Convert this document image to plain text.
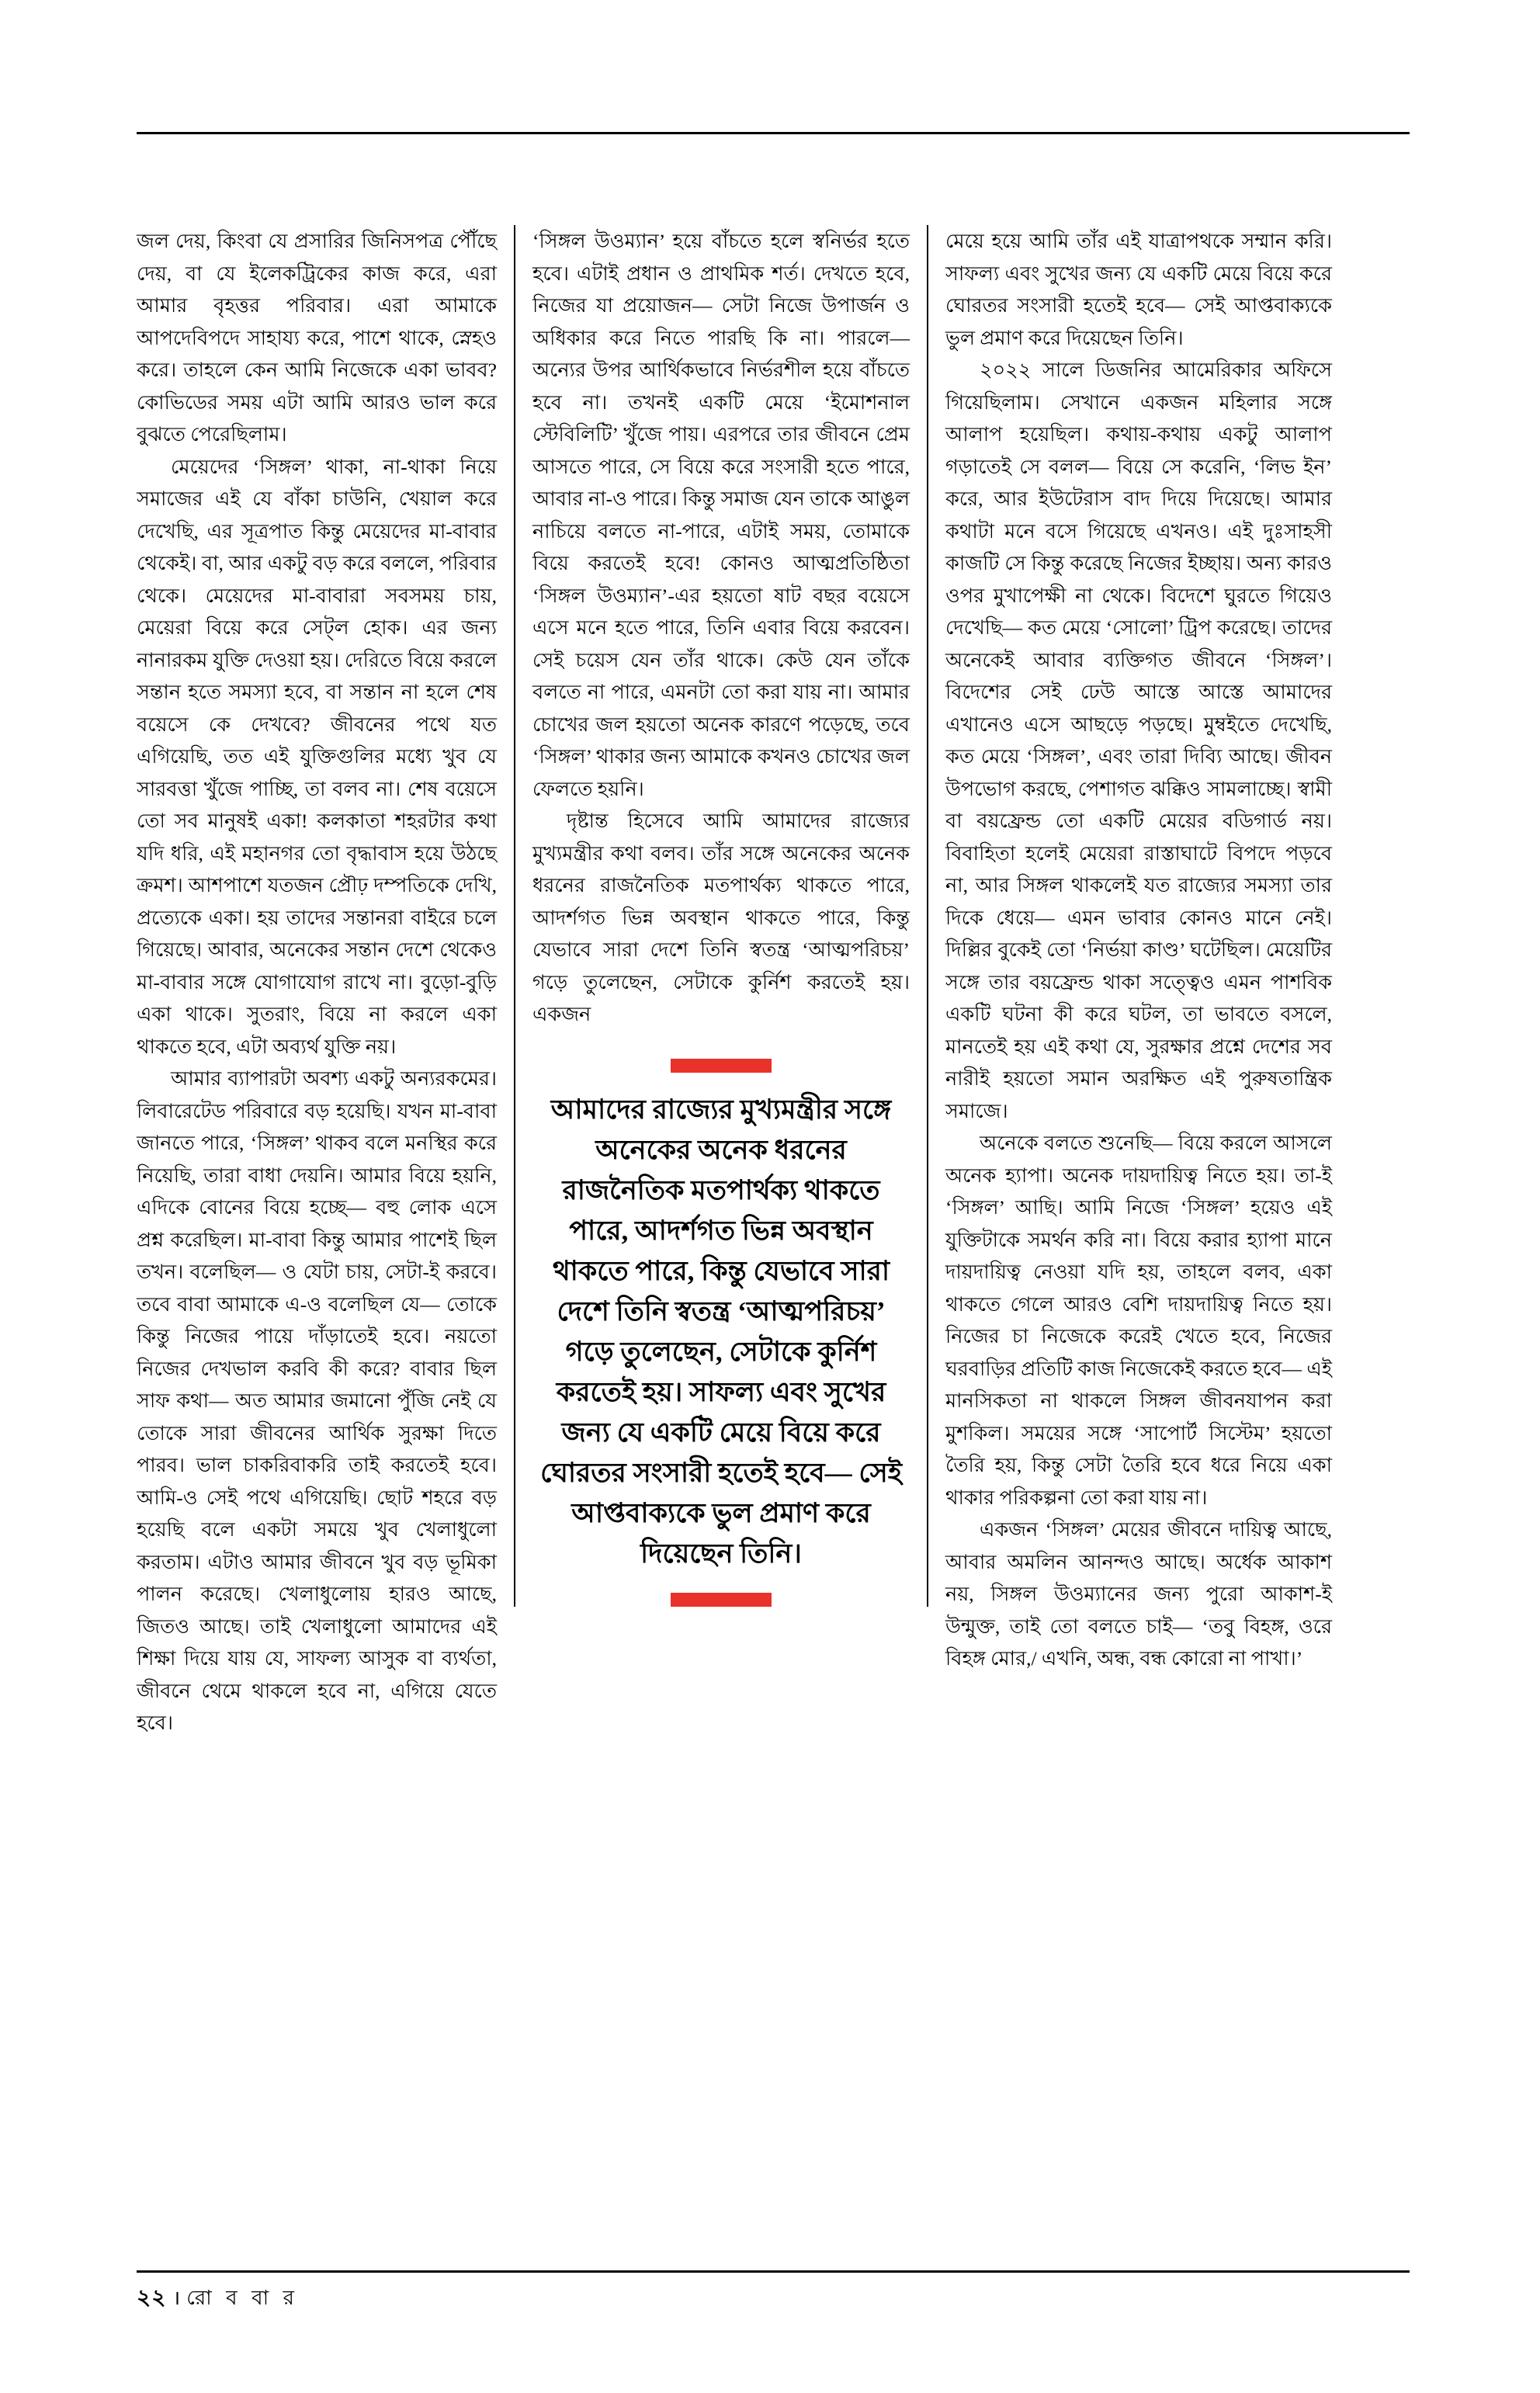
জল দেয়, কিংবা যে প্রসারির জিনিসপত্র পৌঁছে দেয়, বা যে ইলেকট্রিকের কাজ করে, এরা আমার বৃহত্তর পরিবার। এরা আমাকে আপদেবিপদে সাহায্য করে, পাশে থাকে, স্নেহও করে। তাহলে কেন আমি নিজেকে একা ভাবব? কোভিডের সময় এটা আমি আরও ভাল করে বুঝতে পেরেছিলাম।

মেয়েদের ‘সিঙ্গল’ থাকা, না-থাকা নিয়ে সমাজের এই যে বাঁকা চাউনি, খেয়াল করে দেখেছি, এর সূত্রপাত কিন্তু মেয়েদের মা-বাবার থেকেই। বা, আর একটু বড় করে বললে, পরিবার থেকে। মেয়েদের মা-বাবারা সবসময় চায়, মেয়েরা বিয়ে করে সেট্‌ল হোক। এর জন্য নানারকম যুক্তি দেওয়া হয়। দেরিতে বিয়ে করলে সন্তান হতে সমস্যা হবে, বা সন্তান না হলে শেষ বয়েসে কে দেখবে? জীবনের পথে যত এগিয়েছি, তত এই যুক্তিগুলির মধ্যে খুব যে সারবত্তা খুঁজে পাচ্ছি, তা বলব না। শেষ বয়েসে তো সব মানুষই একা! কলকাতা শহরটার কথা যদি ধরি, এই মহানগর তো বৃদ্ধাবাস হয়ে উঠছে ক্রমশ। আশপাশে যতজন প্রৌঢ় দম্পতিকে দেখি, প্রত্যেকে একা। হয় তাদের সন্তানরা বাইরে চলে গিয়েছে। আবার, অনেকের সন্তান দেশে থেকেও মা-বাবার সঙ্গে যোগাযোগ রাখে না। বুড়ো-বুড়ি একা থাকে। সুতরাং, বিয়ে না করলে একা থাকতে হবে, এটা অব্যর্থ যুক্তি নয়।

আমার ব্যাপারটা অবশ্য একটু অন্যরকমের। লিবারেটেড পরিবারে বড় হয়েছি। যখন মা-বাবা জানতে পারে, ‘সিঙ্গল’ থাকব বলে মনস্থির করে নিয়েছি, তারা বাধা দেয়নি। আমার বিয়ে হয়নি, এদিকে বোনের বিয়ে হচ্ছে— বহু লোক এসে প্রশ্ন করেছিল। মা-বাবা কিন্তু আমার পাশেই ছিল তখন। বলেছিল— ও যেটা চায়, সেটা-ই করবে। তবে বাবা আমাকে এ-ও বলেছিল যে— তোকে কিন্তু নিজের পায়ে দাঁড়াতেই হবে। নয়তো নিজের দেখভাল করবি কী করে? বাবার ছিল সাফ কথা— অত আমার জমানো পুঁজি নেই যে তোকে সারা জীবনের আর্থিক সুরক্ষা দিতে পারব। ভাল চাকরিবাকরি তাই করতেই হবে। আমি-ও সেই পথে এগিয়েছি। ছোট শহরে বড় হয়েছি বলে একটা সময়ে খুব খেলাধুলো করতাম। এটাও আমার জীবনে খুব বড় ভূমিকা পালন করেছে। খেলাধুলোয় হারও আছে, জিতও আছে। তাই খেলাধুলো আমাদের এই শিক্ষা দিয়ে যায় যে, সাফল্য আসুক বা ব্যর্থতা, জীবনে থেমে থাকলে হবে না, এগিয়ে যেতে হবে।

‘সিঙ্গল উওম্যান’ হয়ে বাঁচতে হলে স্বনির্ভর হতে হবে। এটাই প্রধান ও প্রাথমিক শর্ত। দেখতে হবে, নিজের যা প্রয়োজন— সেটা নিজে উপার্জন ও অধিকার করে নিতে পারছি কি না। পারলে— অন্যের উপর আর্থিকভাবে নির্ভরশীল হয়ে বাঁচতে হবে না। তখনই একটি মেয়ে ‘ইমোশনাল স্টেবিলিটি’ খুঁজে পায়। এরপরে তার জীবনে প্রেম আসতে পারে, সে বিয়ে করে সংসারী হতে পারে, আবার না-ও পারে। কিন্তু সমাজ যেন তাকে আঙুল নাচিয়ে বলতে না-পারে, এটাই সময়, তোমাকে বিয়ে করতেই হবে! কোনও আত্মপ্রতিষ্ঠিতা ‘সিঙ্গল উওম্যান’-এর হয়তো ষাট বছর বয়েসে এসে মনে হতে পারে, তিনি এবার বিয়ে করবেন। সেই চয়েস যেন তাঁর থাকে। কেউ যেন তাঁকে বলতে না পারে, এমনটা তো করা যায় না। আমার চোখের জল হয়তো অনেক কারণে পড়েছে, তবে ‘সিঙ্গল’ থাকার জন্য আমাকে কখনও চোখের জল ফেলতে হয়নি।

দৃষ্টান্ত হিসেবে আমি আমাদের রাজ্যের মুখ্যমন্ত্রীর কথা বলব। তাঁর সঙ্গে অনেকের অনেক ধরনের রাজনৈতিক মতপার্থক্য থাকতে পারে, আদর্শগত ভিন্ন অবস্থান থাকতে পারে, কিন্তু যেভাবে সারা দেশে তিনি স্বতন্ত্র ‘আত্মপরিচয়’ গড়ে তুলেছেন, সেটাকে কুর্নিশ করতেই হয়। একজন

আমাদের রাজ্যের মুখ্যমন্ত্রীর সঙ্গে অনেকের অনেক ধরনের রাজনৈতিক মতপার্থক্য থাকতে পারে, আদর্শগত ভিন্ন অবস্থান থাকতে পারে, কিন্তু যেভাবে সারা দেশে তিনি স্বতন্ত্র ‘আত্মপরিচয়’ গড়ে তুলেছেন, সেটাকে কুর্নিশ করতেই হয়। সাফল্য এবং সুখের জন্য যে একটি মেয়ে বিয়ে করে ঘোরতর সংসারী হতেই হবে— সেই আপ্তবাক্যকে ভুল প্রমাণ করে দিয়েছেন তিনি।

মেয়ে হয়ে আমি তাঁর এই যাত্রাপথকে সম্মান করি। সাফল্য এবং সুখের জন্য যে একটি মেয়ে বিয়ে করে ঘোরতর সংসারী হতেই হবে— সেই আপ্তবাক্যকে ভুল প্রমাণ করে দিয়েছেন তিনি।

২০২২ সালে ডিজনির আমেরিকার অফিসে গিয়েছিলাম। সেখানে একজন মহিলার সঙ্গে আলাপ হয়েছিল। কথায়-কথায় একটু আলাপ গড়াতেই সে বলল— বিয়ে সে করেনি, ‘লিভ ইন’ করে, আর ইউটেরাস বাদ দিয়ে দিয়েছে। আমার কথাটা মনে বসে গিয়েছে এখনও। এই দুঃসাহসী কাজটি সে কিন্তু করেছে নিজের ইচ্ছায়। অন্য কারও ওপর মুখাপেক্ষী না থেকে। বিদেশে ঘুরতে গিয়েও দেখেছি— কত মেয়ে ‘সোলো’ ট্রিপ করেছে। তাদের অনেকেই আবার ব্যক্তিগত জীবনে ‘সিঙ্গল’। বিদেশের সেই ঢেউ আস্তে আস্তে আমাদের এখানেও এসে আছড়ে পড়ছে। মুম্বইতে দেখেছি, কত মেয়ে ‘সিঙ্গল’, এবং তারা দিব্যি আছে। জীবন উপভোগ করছে, পেশাগত ঝক্কিও সামলাচ্ছে। স্বামী বা বয়ফ্রেন্ড তো একটি মেয়ের বডিগার্ড নয়। বিবাহিতা হলেই মেয়েরা রাস্তাঘাটে বিপদে পড়বে না, আর সিঙ্গল থাকলেই যত রাজ্যের সমস্যা তার দিকে ধেয়ে— এমন ভাবার কোনও মানে নেই। দিল্লির বুকেই তো ‘নির্ভয়া কাণ্ড’ ঘটেছিল। মেয়েটির সঙ্গে তার বয়ফ্রেন্ড থাকা সত্ত্বেও এমন পাশবিক একটি ঘটনা কী করে ঘটল, তা ভাবতে বসলে, মানতেই হয় এই কথা যে, সুরক্ষার প্রশ্নে দেশের সব নারীই হয়তো সমান অরক্ষিত এই পুরুষতান্ত্রিক সমাজে।

অনেকে বলতে শুনেছি— বিয়ে করলে আসলে অনেক হ্যাপা। অনেক দায়দায়িত্ব নিতে হয়। তা-ই ‘সিঙ্গল’ আছি। আমি নিজে ‘সিঙ্গল’ হয়েও এই যুক্তিটাকে সমর্থন করি না। বিয়ে করার হ্যাপা মানে দায়দায়িত্ব নেওয়া যদি হয়, তাহলে বলব, একা থাকতে গেলে আরও বেশি দায়দায়িত্ব নিতে হয়। নিজের চা নিজেকে করেই খেতে হবে, নিজের ঘরবাড়ির প্রতিটি কাজ নিজেকেই করতে হবে— এই মানসিকতা না থাকলে সিঙ্গল জীবনযাপন করা মুশকিল। সময়ের সঙ্গে ‘সাপোর্ট সিস্টেম’ হয়তো তৈরি হয়, কিন্তু সেটা তৈরি হবে ধরে নিয়ে একা থাকার পরিকল্পনা তো করা যায় না।

একজন ‘সিঙ্গল’ মেয়ের জীবনে দায়িত্ব আছে, আবার অমলিন আনন্দও আছে। অর্ধেক আকাশ নয়, সিঙ্গল উওম্যানের জন্য পুরো আকাশ-ই উন্মুক্ত, তাই তো বলতে চাই— ‘তবু বিহঙ্গ, ওরে বিহঙ্গ মোর,/ এখনি, অন্ধ, বন্ধ কোরো না পাখা।’

২২ । রো ব বা র
